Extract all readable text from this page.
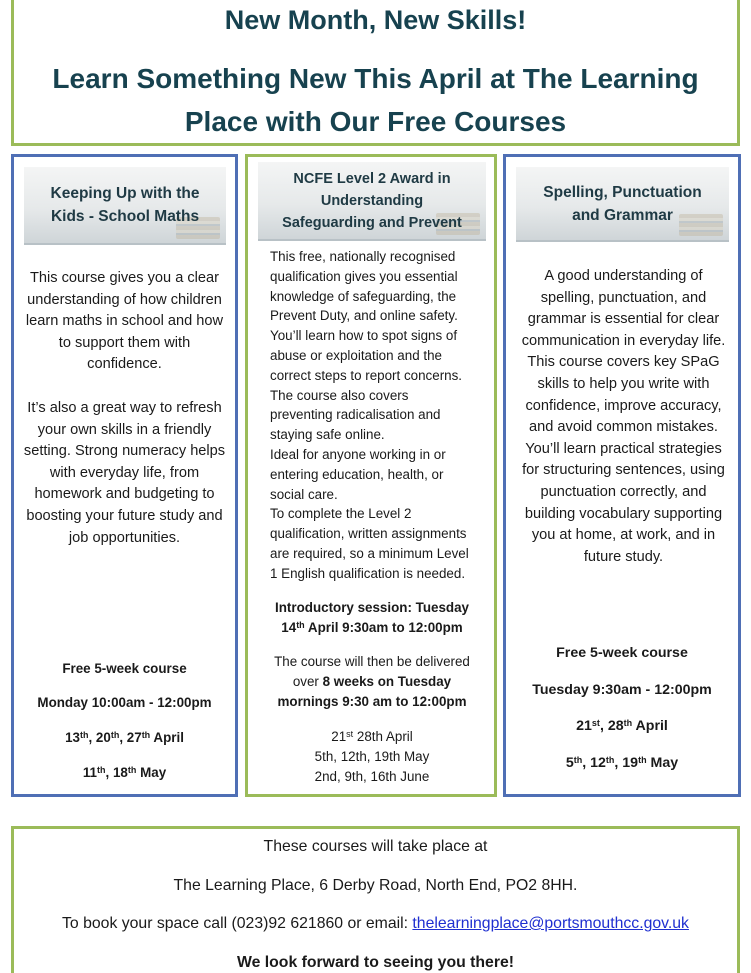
New Month, New Skills!
Learn Something New This April at The Learning
Place with Our Free Courses
Keeping Up with the
Kids - School Maths
This course gives you a clear understanding of how children learn maths in school and how to support them with confidence.
It’s also a great way to refresh your own skills in a friendly setting. Strong numeracy helps with everyday life, from homework and budgeting to boosting your future study and job opportunities.
Free 5-week course
Monday 10:00am - 12:00pm
13th, 20th, 27th April
11th, 18th May
NCFE Level 2 Award in
Understanding
Safeguarding and Prevent
This free, nationally recognised
qualification gives you essential
knowledge of safeguarding, the
Prevent Duty, and online safety.
You’ll learn how to spot signs of
abuse or exploitation and the
correct steps to report concerns.
The course also covers
preventing radicalisation and
staying safe online.
Ideal for anyone working in or
entering education, health, or
social care.
To complete the Level 2
qualification, written assignments
are required, so a minimum Level
1 English qualification is needed.
Introductory session: Tuesday
14th April 9:30am to 12:00pm
The course will then be delivered
over 8 weeks on Tuesday
mornings 9:30 am to 12:00pm
21st 28th April
5th, 12th, 19th May
2nd, 9th, 16th June
Spelling, Punctuation
and Grammar
A good understanding of spelling, punctuation, and grammar is essential for clear communication in everyday life.
This course covers key SPaG skills to help you write with confidence, improve accuracy, and avoid common mistakes. You’ll learn practical strategies for structuring sentences, using punctuation correctly, and building vocabulary supporting you at home, at work, and in future study.
Free 5-week course
Tuesday 9:30am - 12:00pm
21st, 28th April
5th, 12th, 19th May
These courses will take place at
The Learning Place, 6 Derby Road, North End, PO2 8HH.
To book your space call (023)92 621860 or email: thelearningplace@portsmouthcc.gov.uk
We look forward to seeing you there!
